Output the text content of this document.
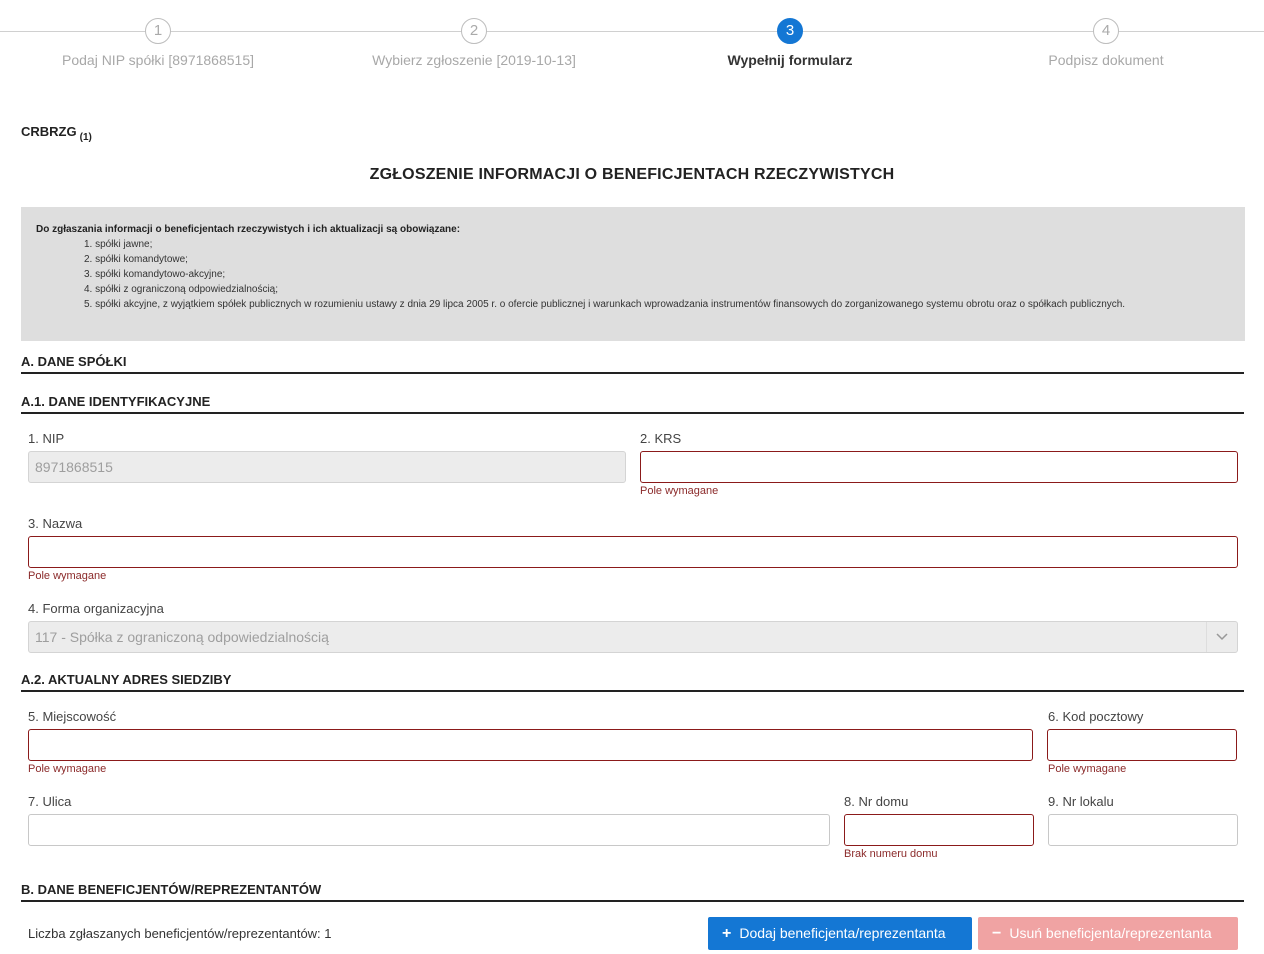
1
Podaj NIP spółki [8971868515]
2
Wybierz zgłoszenie [2019-10-13]
3
Wypełnij formularz
4
Podpisz dokument
CRBRZG $_{(1)}$
ZGŁOSZENIE INFORMACJI O BENEFICJENTACH RZECZYWISTYCH
Do zgłaszania informacji o beneficjentach rzeczywistych i ich aktualizacji są obowiązane:
1. spółki jawne;
2. spółki komandytowe;
3. spółki komandytowo-akcyjne;
4. spółki z ograniczoną odpowiedzialnością;
5. spółki akcyjne, z wyjątkiem spółek publicznych w rozumieniu ustawy z dnia 29 lipca 2005 r. o ofercie publicznej i warunkach wprowadzania instrumentów finansowych do zorganizowanego systemu obrotu oraz o spółkach publicznych.
A. DANE SPÓŁKI
A.1. DANE IDENTYFIKACYJNE
1. NIP
8971868515
2. KRS
Pole wymagane
3. Nazwa
Pole wymagane
4. Forma organizacyjna
117 - Spółka z ograniczoną odpowiedzialnością
A.2. AKTUALNY ADRES SIEDZIBY
5. Miejscowość
Pole wymagane
6. Kod pocztowy
Pole wymagane
7. Ulica	8. Nr domu
Brak numeru domu
9. Nr lokalu
B. DANE BENEFICJENTÓW/REPREZENTANTÓW
Liczba zgłaszanych beneficjentów/reprezentantów: 1	+ Dodaj beneficjenta/reprezentanta	− Usuń beneficjenta/reprezentanta
